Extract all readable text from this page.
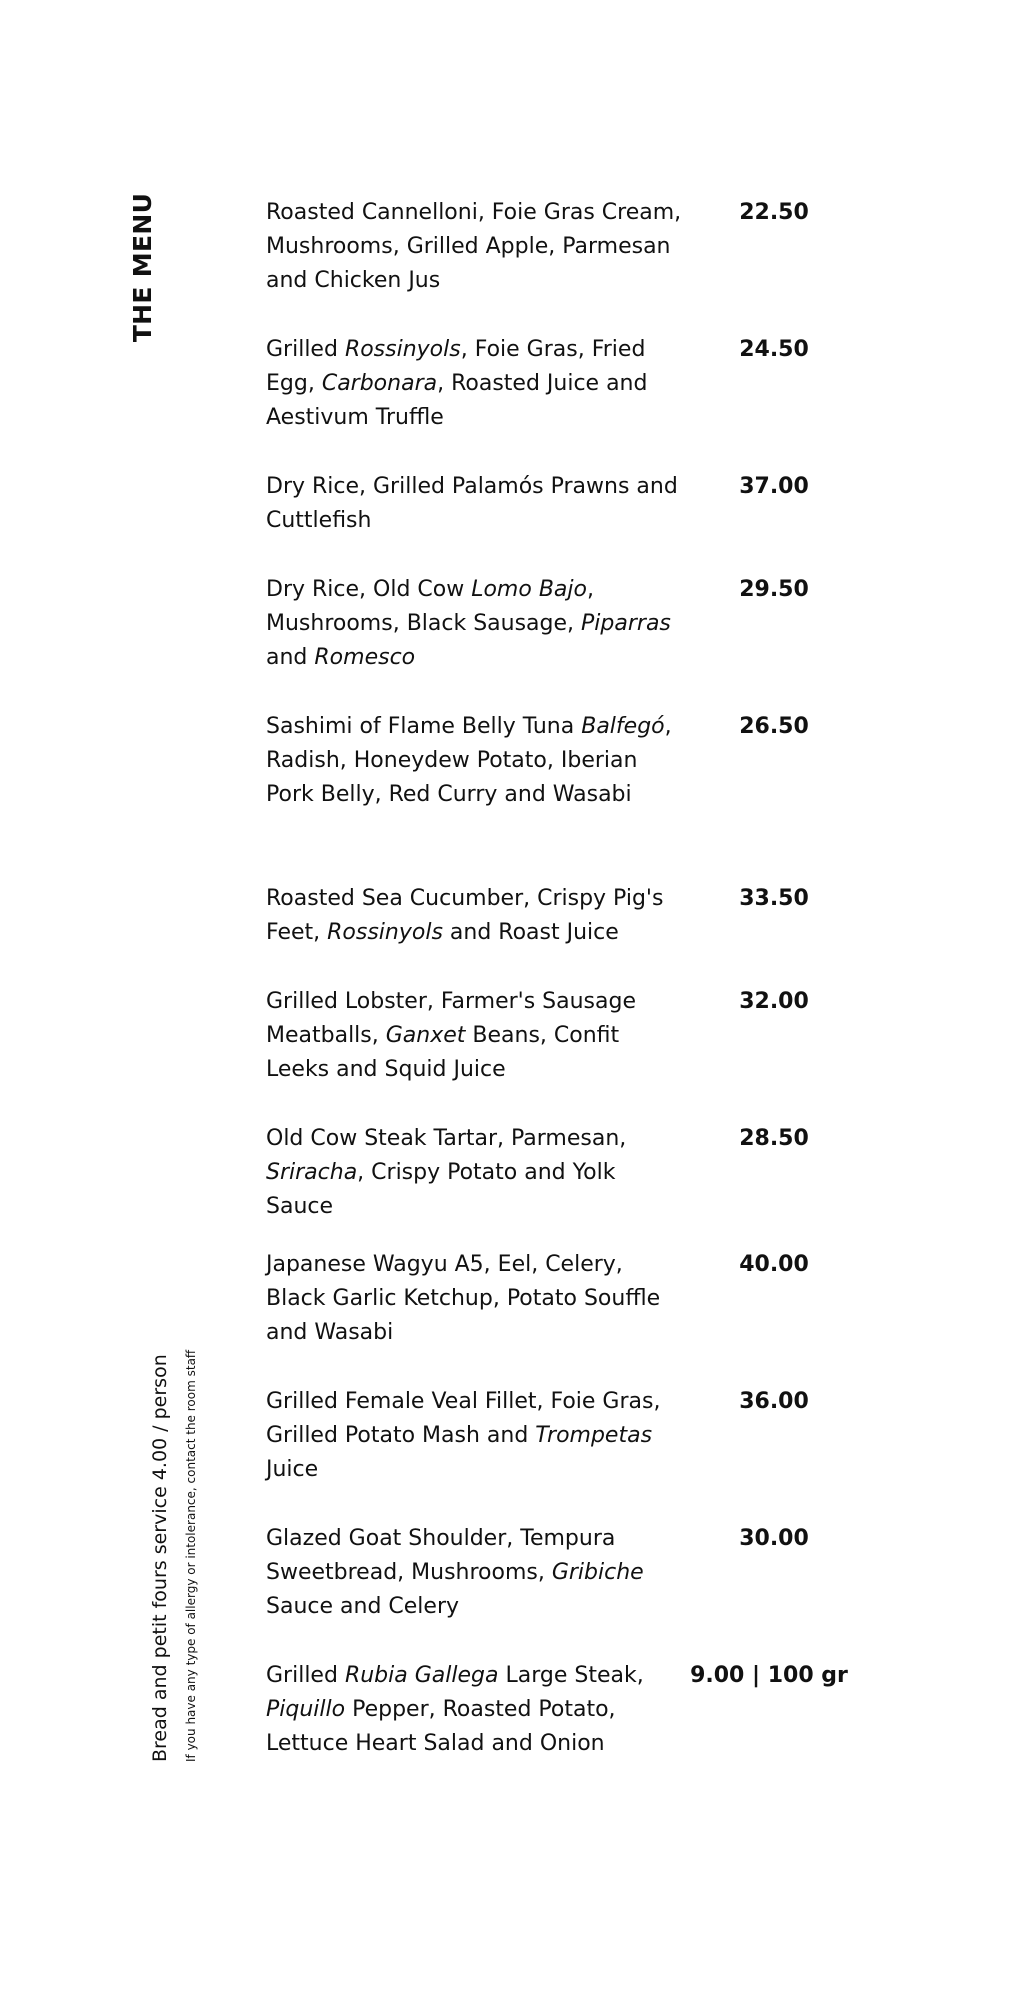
THE MENU
Bread and petit fours service 4.00 / person	If you have any type of allergy or intolerance, contact the room staff
Roasted Cannelloni, Foie Gras Cream, Mushrooms, Grilled Apple, Parmesan and Chicken Jus
22.50
Grilled Rossinyols, Foie Gras, Fried Egg, Carbonara, Roasted Juice and Aestivum Truffle
24.50
Dry Rice, Grilled Palamós Prawns and Cuttlefish
37.00
Dry Rice, Old Cow Lomo Bajo, Mushrooms, Black Sausage, Piparras and Romesco
29.50
Sashimi of Flame Belly Tuna Balfegó, Radish, Honeydew Potato, Iberian Pork Belly, Red Curry and Wasabi
26.50
Roasted Sea Cucumber, Crispy Pig's Feet, Rossinyols and Roast Juice
33.50
Grilled Lobster, Farmer's Sausage Meatballs, Ganxet Beans, Confit Leeks and Squid Juice
32.00
Old Cow Steak Tartar, Parmesan, Sriracha, Crispy Potato and Yolk Sauce
28.50
Japanese Wagyu A5, Eel, Celery, Black Garlic Ketchup, Potato Souffle and Wasabi
40.00
Grilled Female Veal Fillet, Foie Gras, Grilled Potato Mash and Trompetas Juice
36.00
Glazed Goat Shoulder, Tempura Sweetbread, Mushrooms, Gribiche Sauce and Celery
30.00
Grilled Rubia Gallega Large Steak, Piquillo Pepper, Roasted Potato, Lettuce Heart Salad and Onion
9.00 | 100 gr
